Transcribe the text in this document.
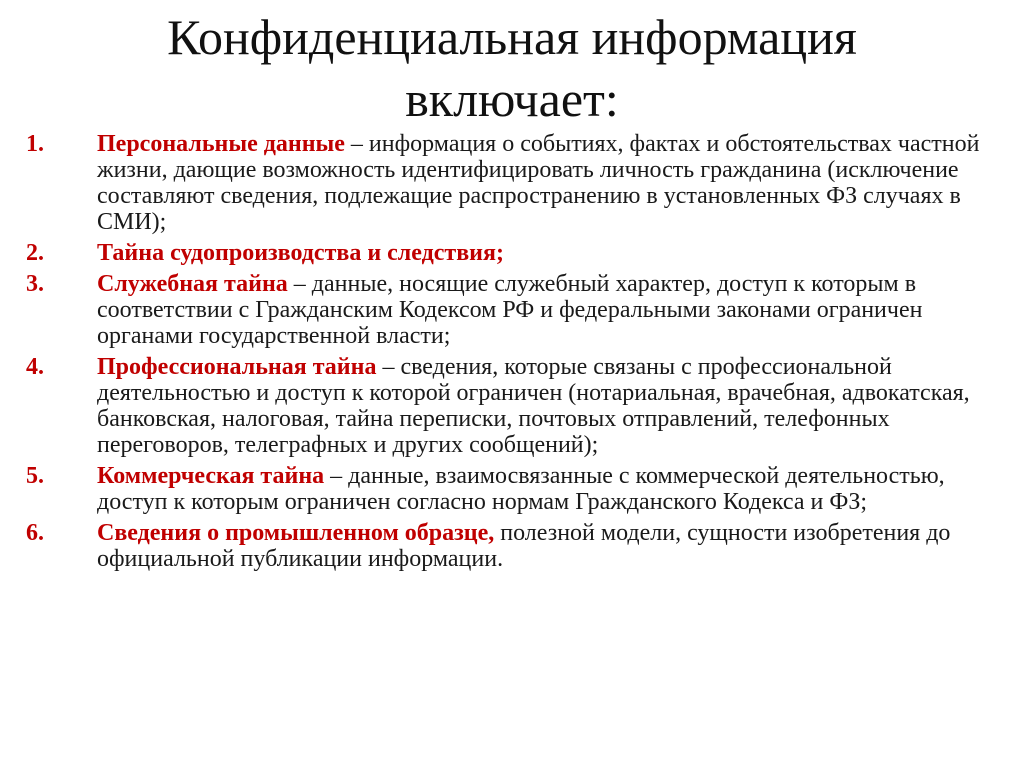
Конфиденциальная информация
включает:
1. Персональные данные – информация о событиях, фактах и обстоятельствах частной жизни, дающие возможность идентифицировать личность гражданина (исключение составляют сведения, подлежащие распространению в установленных ФЗ случаях в СМИ);
2. Тайна судопроизводства и следствия;
3. Служебная тайна – данные, носящие служебный характер, доступ к которым в соответствии с Гражданским Кодексом РФ и федеральными законами ограничен органами государственной власти;
4. Профессиональная тайна – сведения, которые связаны с профессиональной деятельностью и доступ к которой ограничен (нотариальная, врачебная, адвокатская, банковская, налоговая, тайна переписки, почтовых отправлений, телефонных переговоров, телеграфных и других сообщений);
5. Коммерческая тайна – данные, взаимосвязанные с коммерческой деятельностью, доступ к которым ограничен согласно нормам Гражданского Кодекса и ФЗ;
6. Сведения о промышленном образце, полезной модели, сущности изобретения до официальной публикации информации.
